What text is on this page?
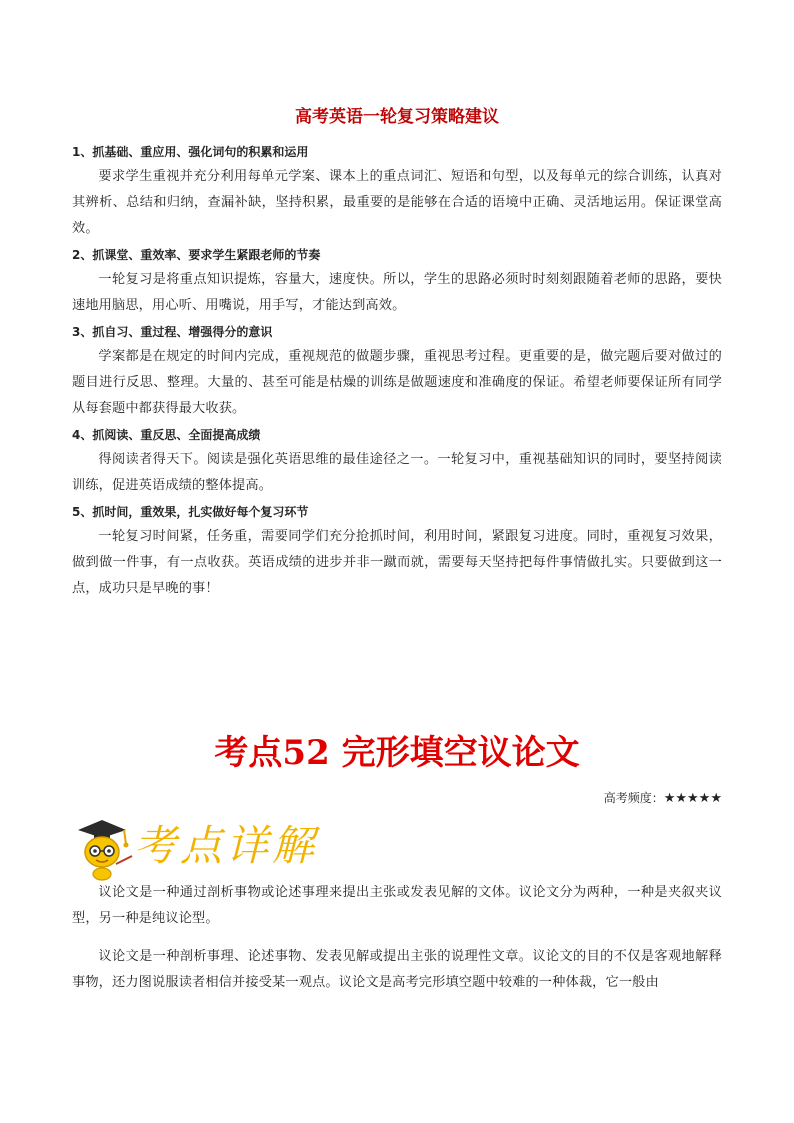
高考英语一轮复习策略建议

1、抓基础、重应用、强化词句的积累和运用

要求学生重视并充分利用每单元学案、课本上的重点词汇、短语和句型，以及每单元的综合训练，认真对其辨析、总结和归纳，查漏补缺，坚持积累，最重要的是能够在合适的语境中正确、灵活地运用。保证课堂高效。

2、抓课堂、重效率、要求学生紧跟老师的节奏

一轮复习是将重点知识提炼，容量大，速度快。所以，学生的思路必须时时刻刻跟随着老师的思路，要快速地用脑思，用心听、用嘴说，用手写，才能达到高效。

3、抓自习、重过程、增强得分的意识

学案都是在规定的时间内完成，重视规范的做题步骤，重视思考过程。更重要的是，做完题后要对做过的题目进行反思、整理。大量的、甚至可能是枯燥的训练是做题速度和准确度的保证。希望老师要保证所有同学从每套题中都获得最大收获。

4、抓阅读、重反思、全面提高成绩

得阅读者得天下。阅读是强化英语思维的最佳途径之一。一轮复习中，重视基础知识的同时，要坚持阅读训练，促进英语成绩的整体提高。

5、抓时间，重效果，扎实做好每个复习环节

一轮复习时间紧，任务重，需要同学们充分抢抓时间，利用时间，紧跟复习进度。同时，重视复习效果，做到做一件事，有一点收获。英语成绩的进步并非一蹴而就，需要每天坚持把每件事情做扎实。只要做到这一点，成功只是早晚的事！

考点52 完形填空议论文
高考频度：★★★★★
考点详解

议论文是一种通过剖析事物或论述事理来提出主张或发表见解的文体。议论文分为两种，一种是夹叙夹议型，另一种是纯议论型。

议论文是一种剖析事理、论述事物、发表见解或提出主张的说理性文章。议论文的目的不仅是客观地解释事物，还力图说服读者相信并接受某一观点。议论文是高考完形填空题中较难的一种体裁，它一般由
